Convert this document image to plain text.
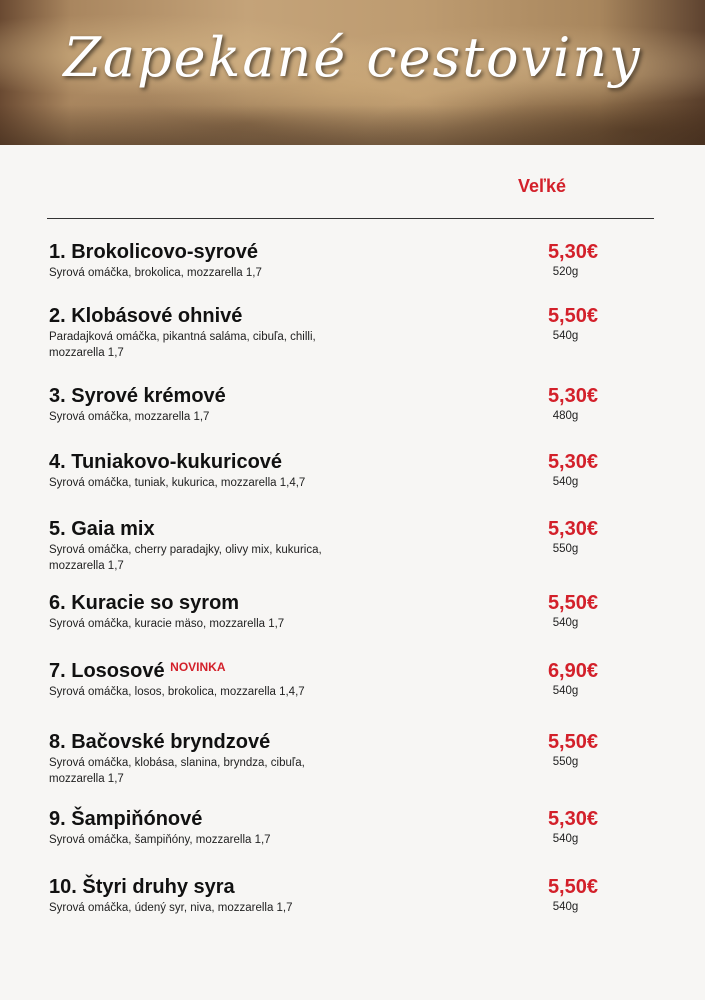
Zapekané cestoviny
Veľké
1. Brokolicovo-syrové
Syrová omáčka, brokolica, mozzarella 1,7
5,30€
520g
2. Klobásové ohnivé
Paradajková omáčka, pikantná saláma, cibuľa, chilli, mozzarella 1,7
5,50€
540g
3. Syrové krémové
Syrová omáčka, mozzarella 1,7
5,30€
480g
4. Tuniakovo-kukuricové
Syrová omáčka, tuniak, kukurica, mozzarella 1,4,7
5,30€
540g
5. Gaia mix
Syrová omáčka, cherry paradajky, olivy mix, kukurica, mozzarella 1,7
5,30€
550g
6. Kuracie so syrom
Syrová omáčka, kuracie mäso, mozzarella 1,7
5,50€
540g
7. Lososové $^{NOVINKA}$
Syrová omáčka, losos, brokolica, mozzarella 1,4,7
6,90€
540g
8. Bačovské bryndzové
Syrová omáčka, klobása, slanina, bryndza, cibuľa, mozzarella 1,7
5,50€
550g
9. Šampiňónové
Syrová omáčka, šampiňóny, mozzarella 1,7
5,30€
540g
10. Štyri druhy syra
Syrová omáčka, údený syr, niva, mozzarella 1,7
5,50€
540g
